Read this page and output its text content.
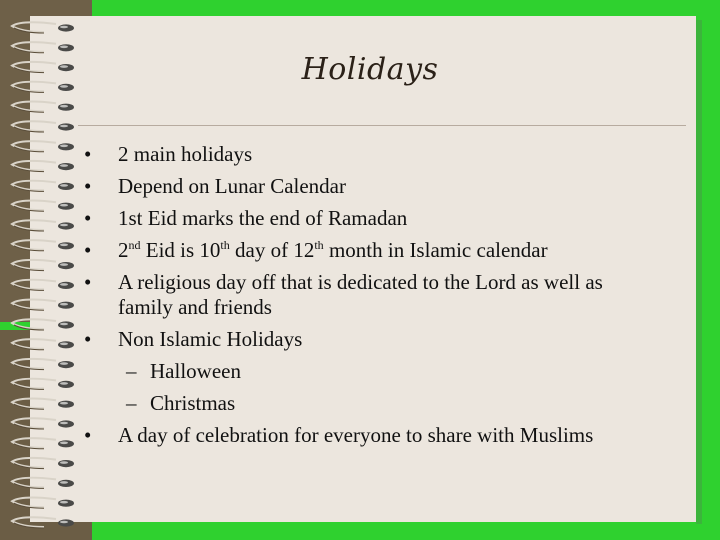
Holidays
•	2 main holidays
•	Depend on Lunar Calendar
•	1st Eid marks the end of Ramadan
•	2nd Eid is 10th day of 12th month in Islamic calendar
•	A religious day off that is dedicated to the Lord as well as
family and friends
•	Non Islamic Holidays
– Halloween
– Christmas
•	A day of celebration for everyone to share with Muslims
